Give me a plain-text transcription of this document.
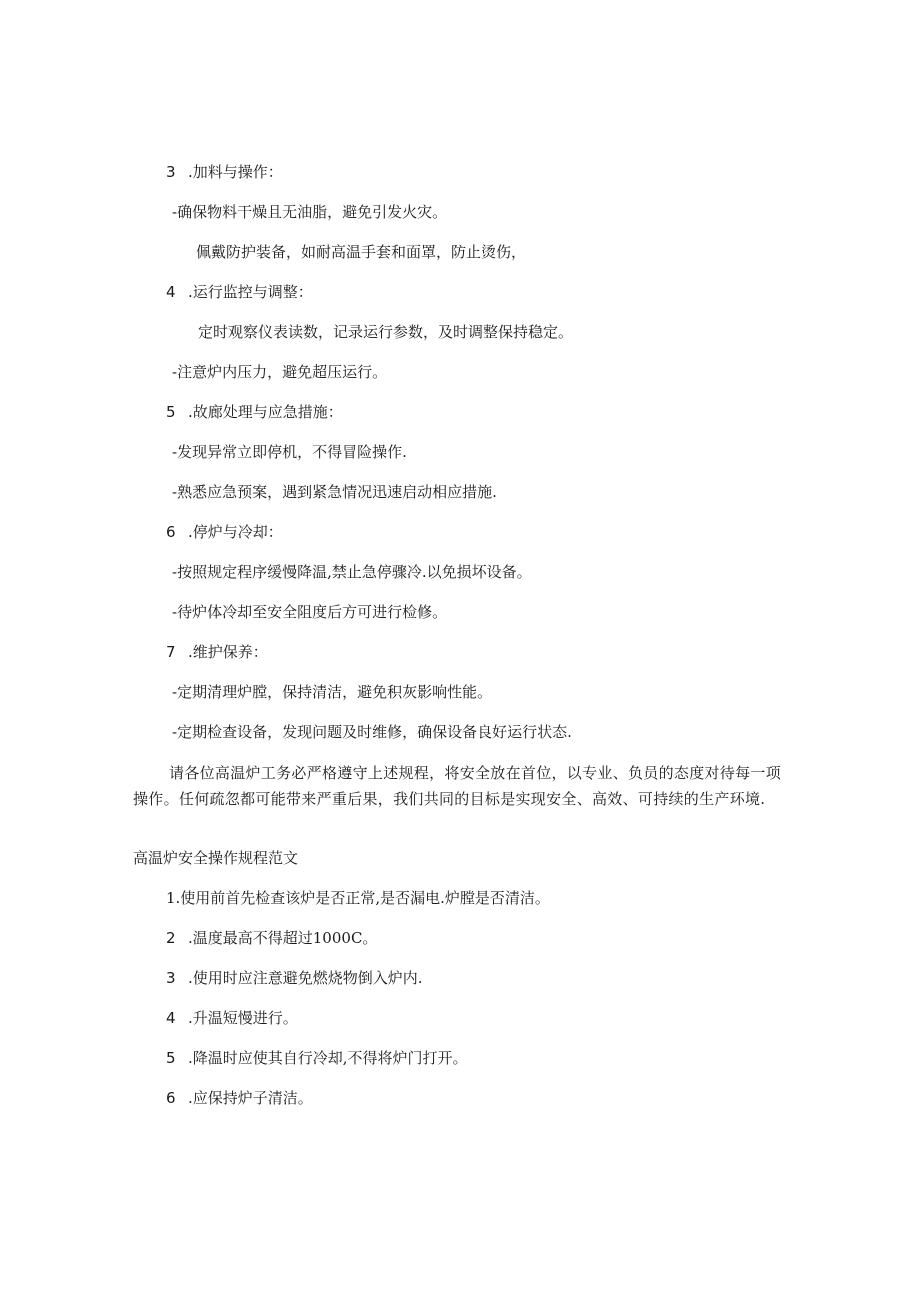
3 .加料与操作：
-确保物料干燥且无油脂，避免引发火灾。
佩戴防护装备，如耐高温手套和面罩，防止烫伤，
4 .运行监控与调整：
定时观察仪表读数，记录运行参数，及时调整保持稳定。
-注意炉内压力，避免超压运行。
5 .故廊处理与应急措施：
-发现异常立即停机，不得冒险操作.
-熟悉应急预案，遇到紧急情况迅速启动相应措施.
6 .停炉与冷却：
-按照规定程序缓慢降温,禁止急停骤冷.以免损坏设备。
-待炉体冷却至安全阻度后方可进行检修。
7 .维护保养：
-定期清理炉膛，保持清洁，避免积灰影响性能。
-定期检查设备，发现问题及时维修，确保设备良好运行状态.
请各位高温炉工务必严格遵守上述规程，将安全放在首位，以专业、负员的态度对待每一项操作。任何疏忽都可能带来严重后果，我们共同的目标是实现安全、高效、可持续的生产环境.
高温炉安全操作规程范文
1.使用前首先检查该炉是否正常,是否漏电.炉膛是否清洁。
2 .温度最高不得超过1000C。
3 .使用时应注意避免燃烧物倒入炉内.
4 .升温短慢进行。
5 .降温时应使其自行冷却,不得将炉门打开。
6 .应保持炉子清洁。
